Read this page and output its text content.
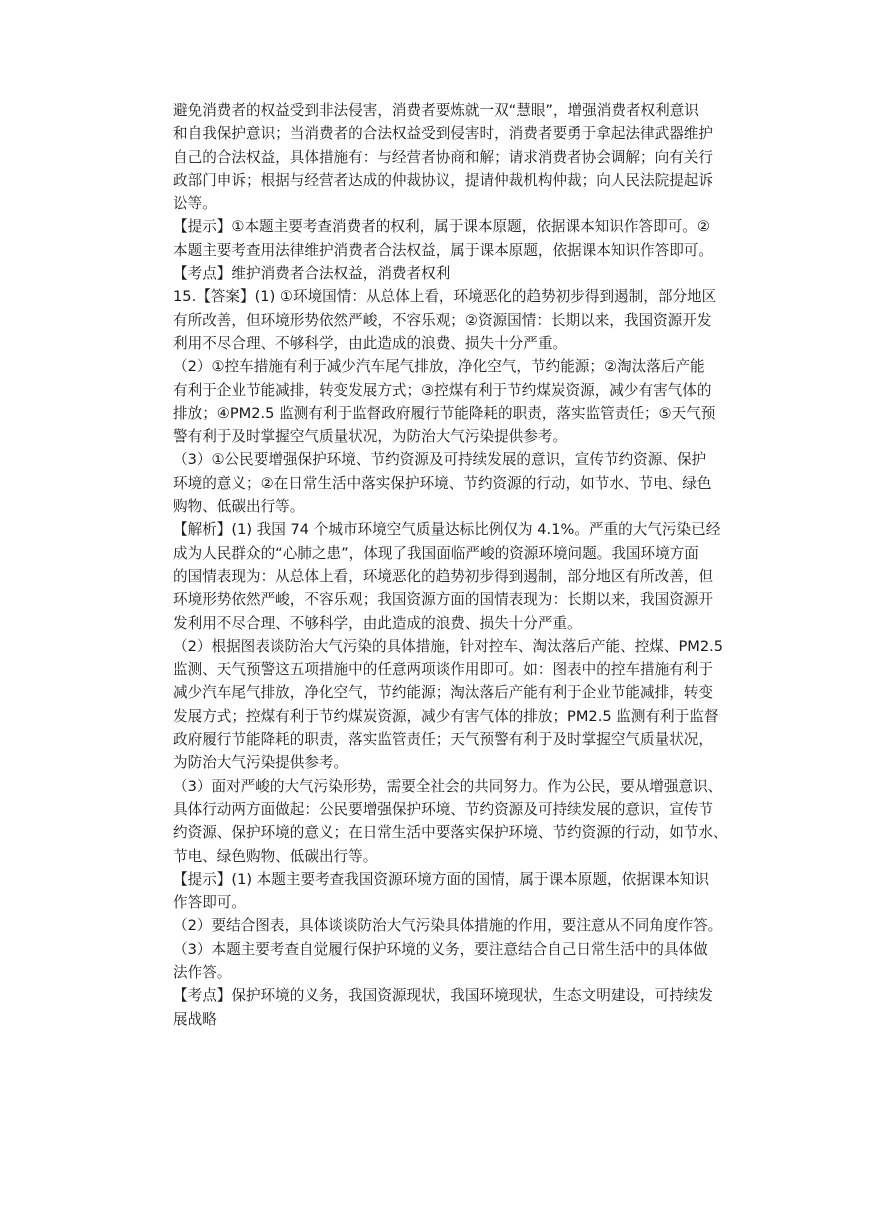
避免消费者的权益受到非法侵害，消费者要炼就一双“慧眼”，增强消费者权利意识

和自我保护意识；当消费者的合法权益受到侵害时，消费者要勇于拿起法律武器维护

自己的合法权益，具体措施有：与经营者协商和解；请求消费者协会调解；向有关行

政部门申诉；根据与经营者达成的仲裁协议，提请仲裁机构仲裁；向人民法院提起诉

讼等。

【提示】①本题主要考查消费者的权利，属于课本原题，依据课本知识作答即可。②

本题主要考查用法律维护消费者合法权益，属于课本原题，依据课本知识作答即可。

【考点】维护消费者合法权益，消费者权利

15.【答案】(1) ①环境国情：从总体上看，环境恶化的趋势初步得到遏制，部分地区

有所改善，但环境形势依然严峻，不容乐观；②资源国情：长期以来，我国资源开发

利用不尽合理、不够科学，由此造成的浪费、损失十分严重。

（2）①控车措施有利于减少汽车尾气排放，净化空气，节约能源；②淘汰落后产能

有利于企业节能减排，转变发展方式；③控煤有利于节约煤炭资源，减少有害气体的

排放；④PM2.5 监测有利于监督政府履行节能降耗的职责，落实监管责任；⑤天气预

警有利于及时掌握空气质量状况，为防治大气污染提供参考。

（3）①公民要增强保护环境、节约资源及可持续发展的意识，宣传节约资源、保护

环境的意义；②在日常生活中落实保护环境、节约资源的行动，如节水、节电、绿色

购物、低碳出行等。

【解析】(1) 我国 74 个城市环境空气质量达标比例仅为 4.1%。严重的大气污染已经

成为人民群众的“心肺之患”，体现了我国面临严峻的资源环境问题。我国环境方面

的国情表现为：从总体上看，环境恶化的趋势初步得到遏制，部分地区有所改善，但

环境形势依然严峻，不容乐观；我国资源方面的国情表现为：长期以来，我国资源开

发利用不尽合理、不够科学，由此造成的浪费、损失十分严重。

（2）根据图表谈防治大气污染的具体措施，针对控车、淘汰落后产能、控煤、PM2.5

监测、天气预警这五项措施中的任意两项谈作用即可。如：图表中的控车措施有利于

减少汽车尾气排放，净化空气，节约能源；淘汰落后产能有利于企业节能减排，转变

发展方式；控煤有利于节约煤炭资源，减少有害气体的排放；PM2.5 监测有利于监督

政府履行节能降耗的职责，落实监管责任；天气预警有利于及时掌握空气质量状况，

为防治大气污染提供参考。

（3）面对严峻的大气污染形势，需要全社会的共同努力。作为公民，要从增强意识、

具体行动两方面做起：公民要增强保护环境、节约资源及可持续发展的意识，宣传节

约资源、保护环境的意义；在日常生活中要落实保护环境、节约资源的行动，如节水、

节电、绿色购物、低碳出行等。

【提示】(1) 本题主要考查我国资源环境方面的国情，属于课本原题，依据课本知识

作答即可。

（2）要结合图表，具体谈谈防治大气污染具体措施的作用，要注意从不同角度作答。

（3）本题主要考查自觉履行保护环境的义务，要注意结合自己日常生活中的具体做

法作答。

【考点】保护环境的义务，我国资源现状，我国环境现状，生态文明建设，可持续发

展战略
